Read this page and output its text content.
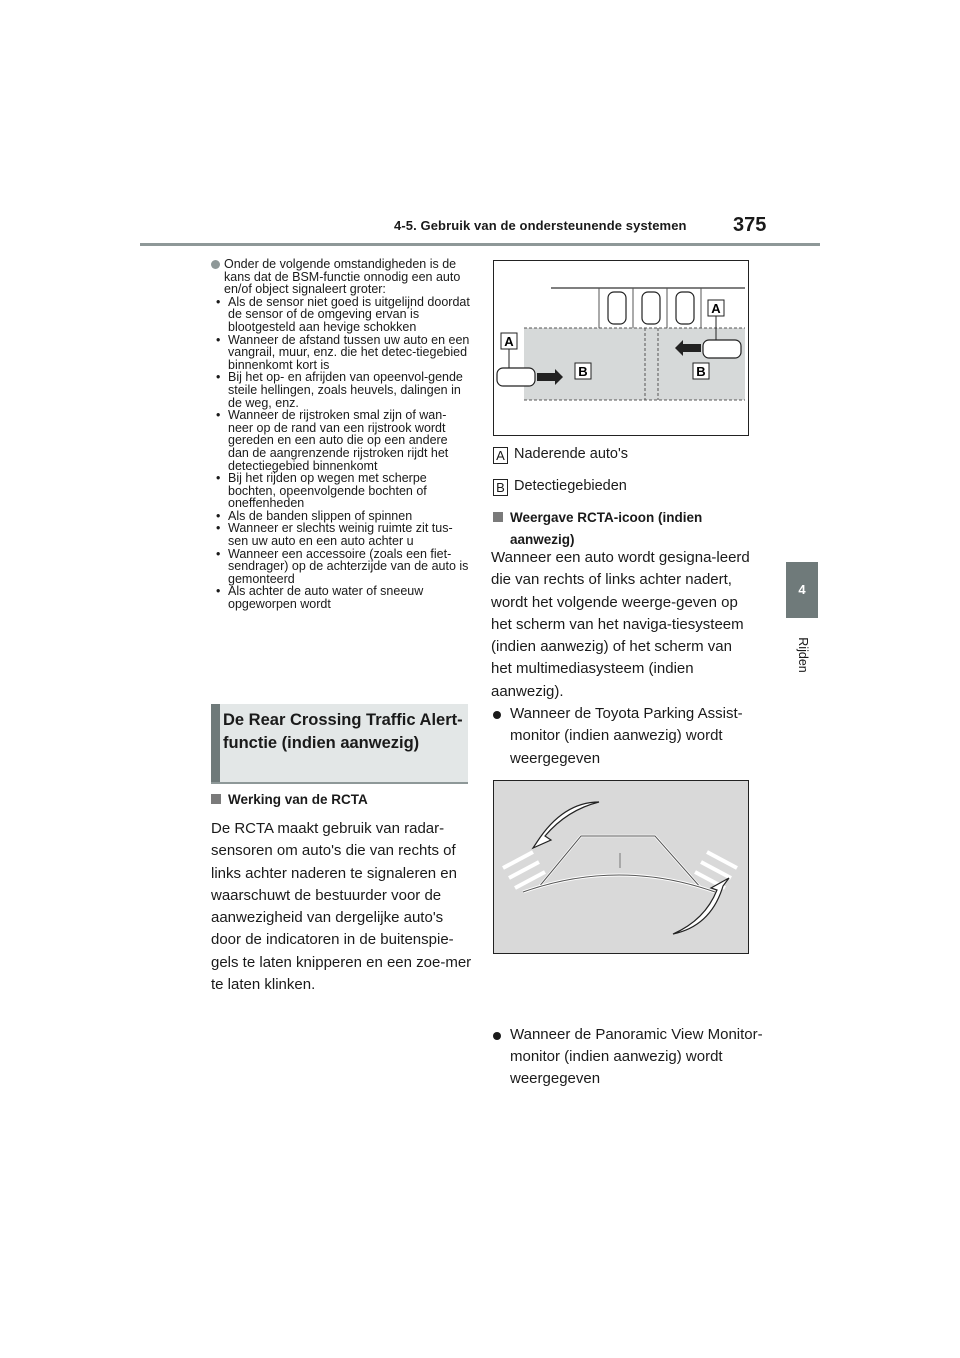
4-5. Gebruik van de ondersteunende systemen 375
4
Rijden
Onder de volgende omstandigheden is de kans dat de BSM-functie onnodig een auto en/of object signaleert groter:

• Als de sensor niet goed is uitgelijnd doordat de sensor of de omgeving ervan is blootgesteld aan hevige schokken

• Wanneer de afstand tussen uw auto en een vangrail, muur, enz. die het detec-tiegebied binnenkomt kort is

• Bij het op- en afrijden van opeenvol-gende steile hellingen, zoals heuvels, dalingen in de weg, enz.

• Wanneer de rijstroken smal zijn of wan-neer op de rand van een rijstrook wordt gereden en een auto die op een andere dan de aangrenzende rijstroken rijdt het detectiegebied binnenkomt

• Bij het rijden op wegen met scherpe bochten, opeenvolgende bochten of oneffenheden

• Als de banden slippen of spinnen

• Wanneer er slechts weinig ruimte zit tus-sen uw auto en een auto achter u

• Wanneer een accessoire (zoals een fiet-sendrager) op de achterzijde van de auto is gemonteerd

• Als achter de auto water of sneeuw opgeworpen wordt

De Rear Crossing Traffic Alert-functie (indien aanwezig)
Werking van de RCTA
De RCTA maakt gebruik van radar-sensoren om auto's die van rechts of links achter naderen te signaleren en waarschuwt de bestuurder voor de aanwezigheid van dergelijke auto's door de indicatoren in de buitenspie-gels te laten knipperen en een zoe-mer te laten klinken.
A
A
B	B
A Naderende auto's
B Detectiegebieden
Weergave RCTA-icoon (indien
aanwezig)
Wanneer een auto wordt gesigna-leerd die van rechts of links achter nadert, wordt het volgende weerge-geven op het scherm van het naviga-tiesysteem (indien aanwezig) of het scherm van het multimediasysteem (indien aanwezig).
Wanneer de Toyota Parking Assist-monitor (indien aanwezig) wordt weergegeven
Wanneer de Panoramic View Monitor-monitor (indien aanwezig) wordt weergegeven
